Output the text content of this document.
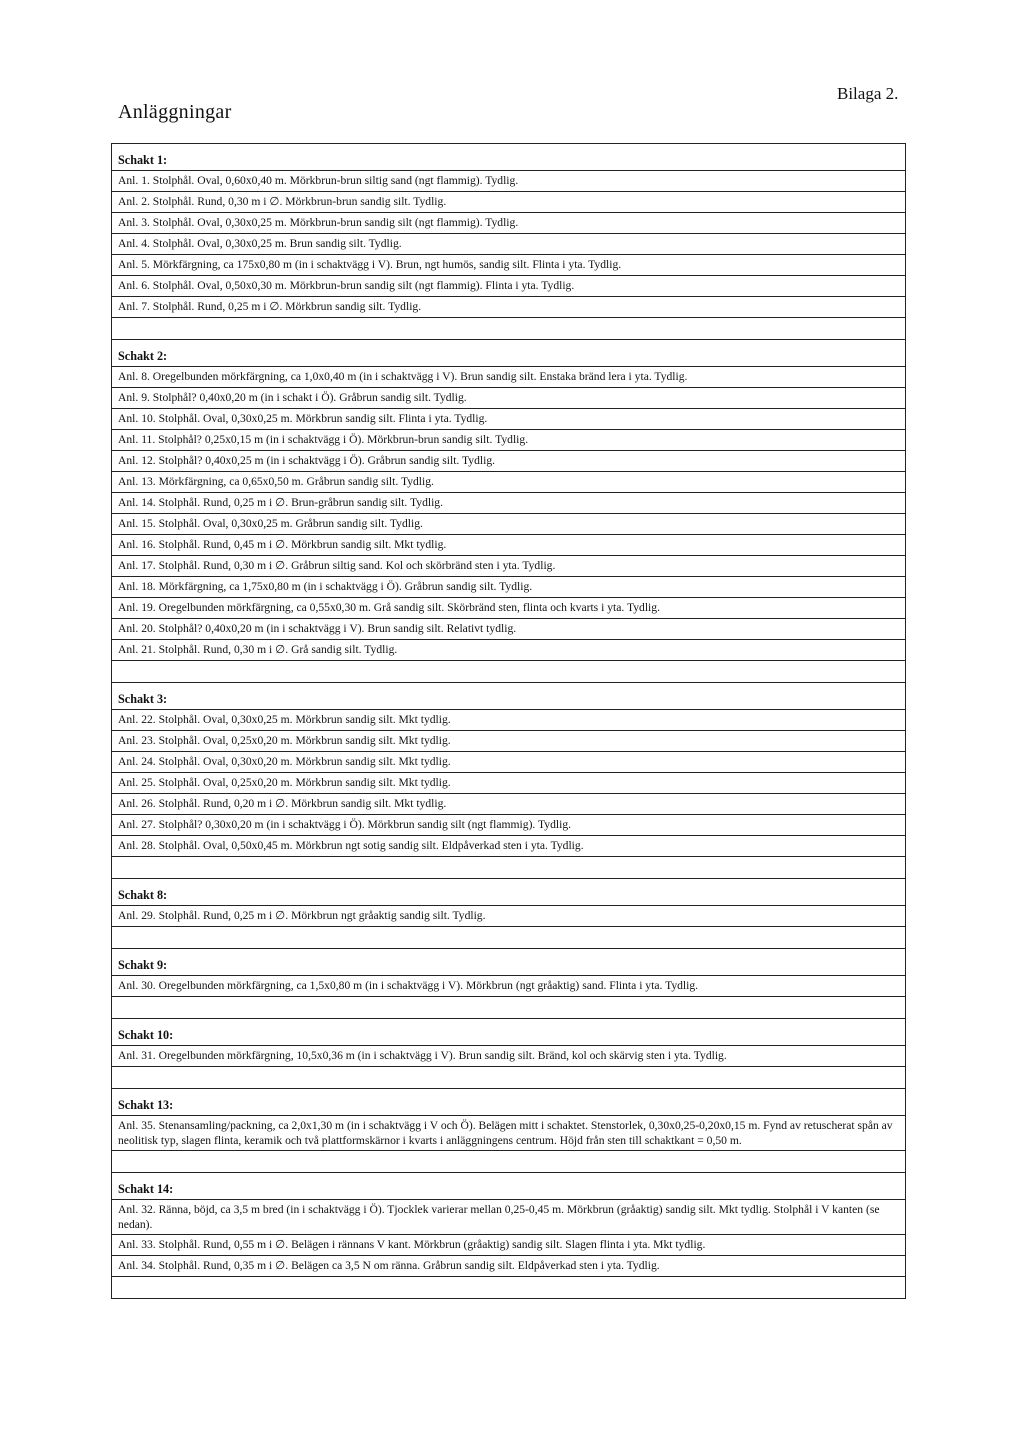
Anläggningar
Bilaga 2.
Schakt 1:
Anl. 1. Stolphål. Oval, 0,60x0,40 m. Mörkbrun-brun siltig sand (ngt flammig). Tydlig.
Anl. 2. Stolphål. Rund, 0,30 m i ∅. Mörkbrun-brun sandig silt. Tydlig.
Anl. 3. Stolphål. Oval, 0,30x0,25 m. Mörkbrun-brun sandig silt (ngt flammig). Tydlig.
Anl. 4. Stolphål. Oval, 0,30x0,25 m. Brun sandig silt. Tydlig.
Anl. 5. Mörkfärgning, ca 175x0,80 m (in i schaktvägg i V). Brun, ngt humös, sandig silt. Flinta i yta. Tydlig.
Anl. 6. Stolphål. Oval, 0,50x0,30 m. Mörkbrun-brun sandig silt (ngt flammig). Flinta i yta. Tydlig.
Anl. 7. Stolphål. Rund, 0,25 m i ∅. Mörkbrun sandig silt. Tydlig.
Schakt 2:
Anl. 8. Oregelbunden mörkfärgning, ca 1,0x0,40 m (in i schaktvägg i V). Brun sandig silt. Enstaka bränd lera i yta. Tydlig.
Anl. 9. Stolphål? 0,40x0,20 m (in i schakt i Ö). Gråbrun sandig silt. Tydlig.
Anl. 10. Stolphål. Oval, 0,30x0,25 m. Mörkbrun sandig silt. Flinta i yta. Tydlig.
Anl. 11. Stolphål? 0,25x0,15 m (in i schaktvägg i Ö). Mörkbrun-brun sandig silt. Tydlig.
Anl. 12. Stolphål? 0,40x0,25 m (in i schaktvägg i Ö). Gråbrun sandig silt. Tydlig.
Anl. 13. Mörkfärgning, ca 0,65x0,50 m. Gråbrun sandig silt. Tydlig.
Anl. 14. Stolphål. Rund, 0,25 m i ∅. Brun-gråbrun sandig silt. Tydlig.
Anl. 15. Stolphål. Oval, 0,30x0,25 m. Gråbrun sandig silt. Tydlig.
Anl. 16. Stolphål. Rund, 0,45 m i ∅. Mörkbrun sandig silt. Mkt tydlig.
Anl. 17. Stolphål. Rund, 0,30 m i ∅. Gråbrun siltig sand. Kol och skörbränd sten i yta. Tydlig.
Anl. 18. Mörkfärgning, ca 1,75x0,80 m (in i schaktvägg i Ö). Gråbrun sandig silt. Tydlig.
Anl. 19. Oregelbunden mörkfärgning, ca 0,55x0,30 m. Grå sandig silt. Skörbränd sten, flinta och kvarts i yta. Tydlig.
Anl. 20. Stolphål? 0,40x0,20 m (in i schaktvägg i V). Brun sandig silt. Relativt tydlig.
Anl. 21. Stolphål. Rund, 0,30 m i ∅. Grå sandig silt. Tydlig.
Schakt 3:
Anl. 22. Stolphål. Oval, 0,30x0,25 m. Mörkbrun sandig silt. Mkt tydlig.
Anl. 23. Stolphål. Oval, 0,25x0,20 m. Mörkbrun sandig silt. Mkt tydlig.
Anl. 24. Stolphål. Oval, 0,30x0,20 m. Mörkbrun sandig silt. Mkt tydlig.
Anl. 25. Stolphål. Oval, 0,25x0,20 m. Mörkbrun sandig silt. Mkt tydlig.
Anl. 26. Stolphål. Rund, 0,20 m i ∅. Mörkbrun sandig silt. Mkt tydlig.
Anl. 27. Stolphål? 0,30x0,20 m (in i schaktvägg i Ö). Mörkbrun sandig silt (ngt flammig). Tydlig.
Anl. 28. Stolphål. Oval, 0,50x0,45 m. Mörkbrun ngt sotig sandig silt. Eldpåverkad sten i yta. Tydlig.
Schakt 8:
Anl. 29. Stolphål. Rund, 0,25 m i ∅. Mörkbrun ngt gråaktig sandig silt. Tydlig.
Schakt 9:
Anl. 30. Oregelbunden mörkfärgning, ca 1,5x0,80 m (in i schaktvägg i V). Mörkbrun (ngt gråaktig) sand. Flinta i yta. Tydlig.
Schakt 10:
Anl. 31. Oregelbunden mörkfärgning, 10,5x0,36 m (in i schaktvägg i V). Brun sandig silt. Bränd, kol och skärvig sten i yta. Tydlig.
Schakt 13:
Anl. 35. Stenansamling/packning, ca 2,0x1,30 m (in i schaktvägg i V och Ö). Belägen mitt i schaktet. Stenstorlek, 0,30x0,25-0,20x0,15 m. Fynd av retuscherat spån av neolitisk typ, slagen flinta, keramik och två plattformskärnor i kvarts i anläggningens centrum. Höjd från sten till schaktkant = 0,50 m.
Schakt 14:
Anl. 32. Ränna, böjd, ca 3,5 m bred (in i schaktvägg i Ö). Tjocklek varierar mellan 0,25-0,45 m. Mörkbrun (gråaktig) sandig silt. Mkt tydlig. Stolphål i V kanten (se nedan).
Anl. 33. Stolphål. Rund, 0,55 m i ∅. Belägen i rännans V kant. Mörkbrun (gråaktig) sandig silt. Slagen flinta i yta. Mkt tydlig.
Anl. 34. Stolphål. Rund, 0,35 m i ∅. Belägen ca 3,5 N om ränna. Gråbrun sandig silt. Eldpåverkad sten i yta. Tydlig.
